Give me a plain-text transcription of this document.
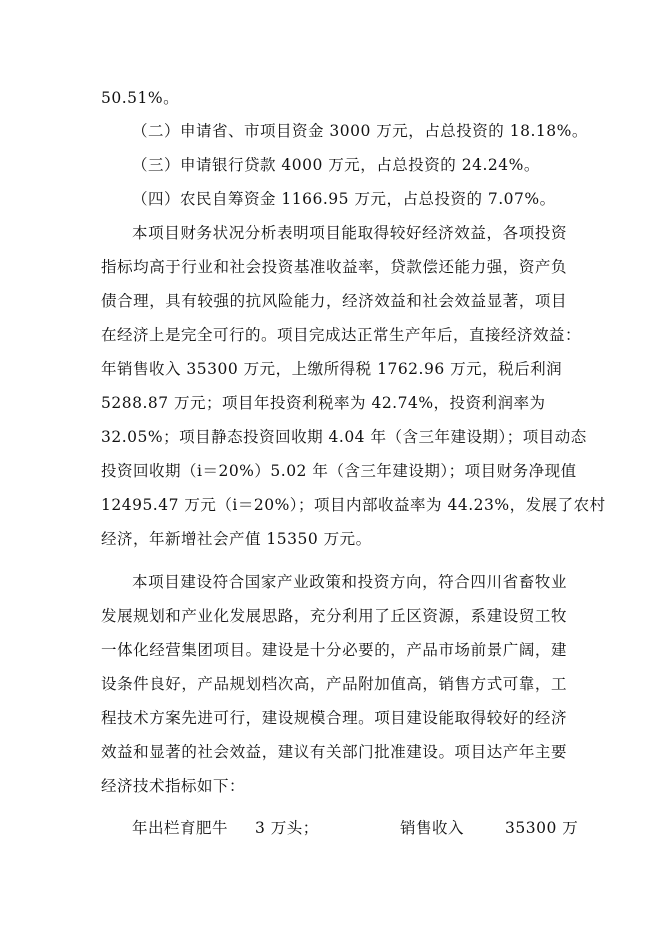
50.51%。
（二）申请省、市项目资金 3000 万元，占总投资的 18.18%。
（三）申请银行贷款 4000 万元，占总投资的 24.24%。
（四）农民自筹资金 1166.95 万元，占总投资的 7.07%。
本项目财务状况分析表明项目能取得较好经济效益，各项投资
指标均高于行业和社会投资基准收益率，贷款偿还能力强，资产负
债合理，具有较强的抗风险能力，经济效益和社会效益显著，项目
在经济上是完全可行的。项目完成达正常生产年后，直接经济效益：
年销售收入 35300 万元，上缴所得税 1762.96 万元，税后利润
5288.87 万元；项目年投资利税率为 42.74%，投资利润率为
32.05%；项目静态投资回收期 4.04 年（含三年建设期）；项目动态
投资回收期（i＝20%）5.02 年（含三年建设期）；项目财务净现值
12495.47 万元（i＝20%）；项目内部收益率为 44.23%，发展了农村
经济，年新增社会产值 15350 万元。
本项目建设符合国家产业政策和投资方向，符合四川省畜牧业
发展规划和产业化发展思路，充分利用了丘区资源，系建设贸工牧
一体化经营集团项目。建设是十分必要的，产品市场前景广阔，建
设条件良好，产品规划档次高，产品附加值高，销售方式可靠，工
程技术方案先进可行，建设规模合理。项目建设能取得较好的经济
效益和显著的社会效益，建议有关部门批准建设。项目达产年主要
经济技术指标如下：
年出栏育肥牛 3 万头；	销售收入	35300 万
